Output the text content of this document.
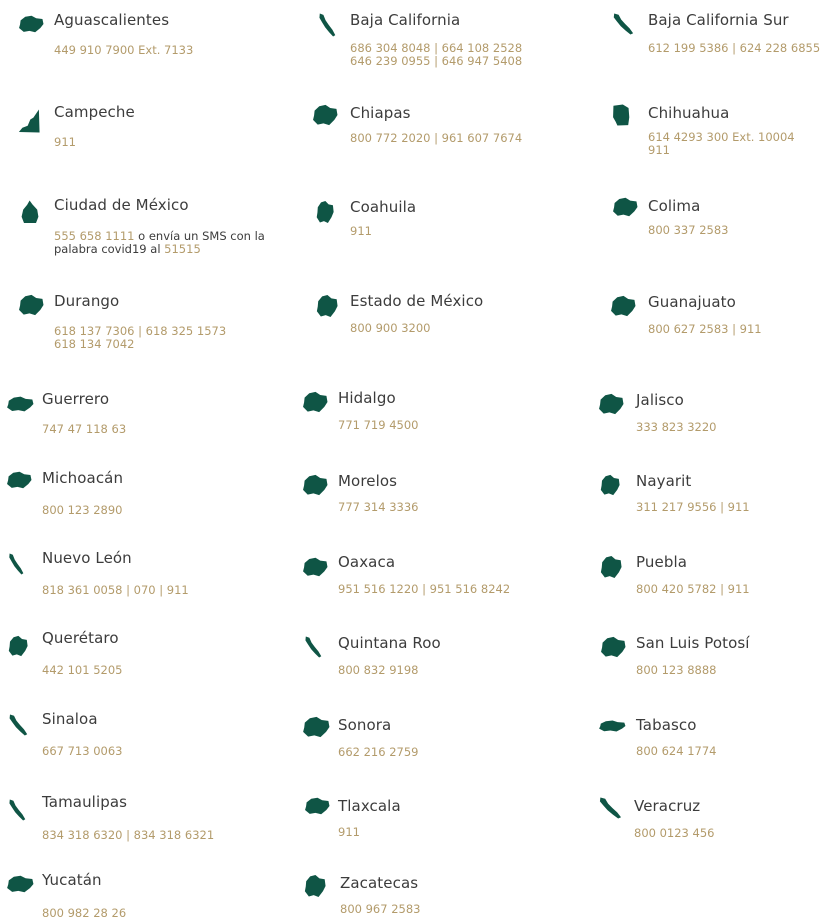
Aguascalientes
449 910 7900 Ext. 7133
Baja California
686 304 8048 | 664 108 2528
646 239 0955 | 646 947 5408
Baja California Sur
612 199 5386 | 624 228 6855
Campeche
911
Chiapas
800 772 2020 | 961 607 7674
Chihuahua
614 4293 300 Ext. 10004
911
Ciudad de México
555 658 1111 o envía un SMS con la
palabra covid19 al 51515
Coahuila
911
Colima
800 337 2583
Durango
618 137 7306 | 618 325 1573
618 134 7042
Estado de México
800 900 3200
Guanajuato
800 627 2583 | 911
Guerrero
747 47 118 63
Hidalgo
771 719 4500
Jalisco
333 823 3220
Michoacán
800 123 2890
Morelos
777 314 3336
Nayarit
311 217 9556 | 911
Nuevo León
818 361 0058 | 070 | 911
Oaxaca
951 516 1220 | 951 516 8242
Puebla
800 420 5782 | 911
Querétaro
442 101 5205
Quintana Roo
800 832 9198
San Luis Potosí
800 123 8888
Sinaloa
667 713 0063
Sonora
662 216 2759
Tabasco
800 624 1774
Tamaulipas
834 318 6320 | 834 318 6321
Tlaxcala
911
Veracruz
800 0123 456
Yucatán
800 982 28 26
Zacatecas
800 967 2583
